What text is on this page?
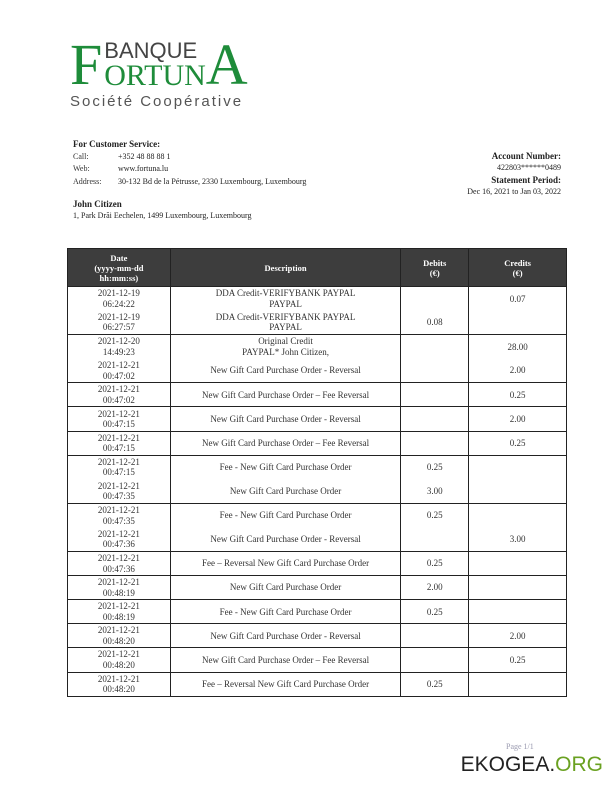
F BANQUE
ORTUN A
Société Coopérative
For Customer Service:
Call:	+352 48 88 88 1
Web:	www.fortuna.lu
Address:	30-132 Bd de la Pétrusse, 2330 Luxembourg, Luxembourg
John Citizen
1, Park Drăi Eechelen, 1499 Luxembourg, Luxembourg
Account Number:
422803******0489
Statement Period:
Dec 16, 2021 to Jan 03, 2022
Date
(yyyy-mm-dd
hh:mm:ss)	Description	Debits
(€)	Credits
(€)
2021-12-19
06:24:22	DDA Credit-VERIFYBANK PAYPAL
PAYPAL		0.07
2021-12-19
06:27:57	DDA Credit-VERIFYBANK PAYPAL
PAYPAL	0.08	
2021-12-20
14:49:23	Original Credit
PAYPAL* John Citizen,		28.00
2021-12-21
00:47:02	New Gift Card Purchase Order - Reversal		2.00
2021-12-21
00:47:02	New Gift Card Purchase Order – Fee Reversal		0.25
2021-12-21
00:47:15	New Gift Card Purchase Order - Reversal		2.00
2021-12-21
00:47:15	New Gift Card Purchase Order – Fee Reversal		0.25
2021-12-21
00:47:15	Fee - New Gift Card Purchase Order	0.25	
2021-12-21
00:47:35	New Gift Card Purchase Order	3.00	
2021-12-21
00:47:35	Fee - New Gift Card Purchase Order	0.25	
2021-12-21
00:47:36	New Gift Card Purchase Order - Reversal		3.00
2021-12-21
00:47:36	Fee – Reversal New Gift Card Purchase Order	0.25	
2021-12-21
00:48:19	New Gift Card Purchase Order	2.00	
2021-12-21
00:48:19	Fee - New Gift Card Purchase Order	0.25	
2021-12-21
00:48:20	New Gift Card Purchase Order - Reversal		2.00
2021-12-21
00:48:20	New Gift Card Purchase Order – Fee Reversal		0.25
2021-12-21
00:48:20	Fee – Reversal New Gift Card Purchase Order	0.25	
Page 1/1
EKOGEA.ORG
